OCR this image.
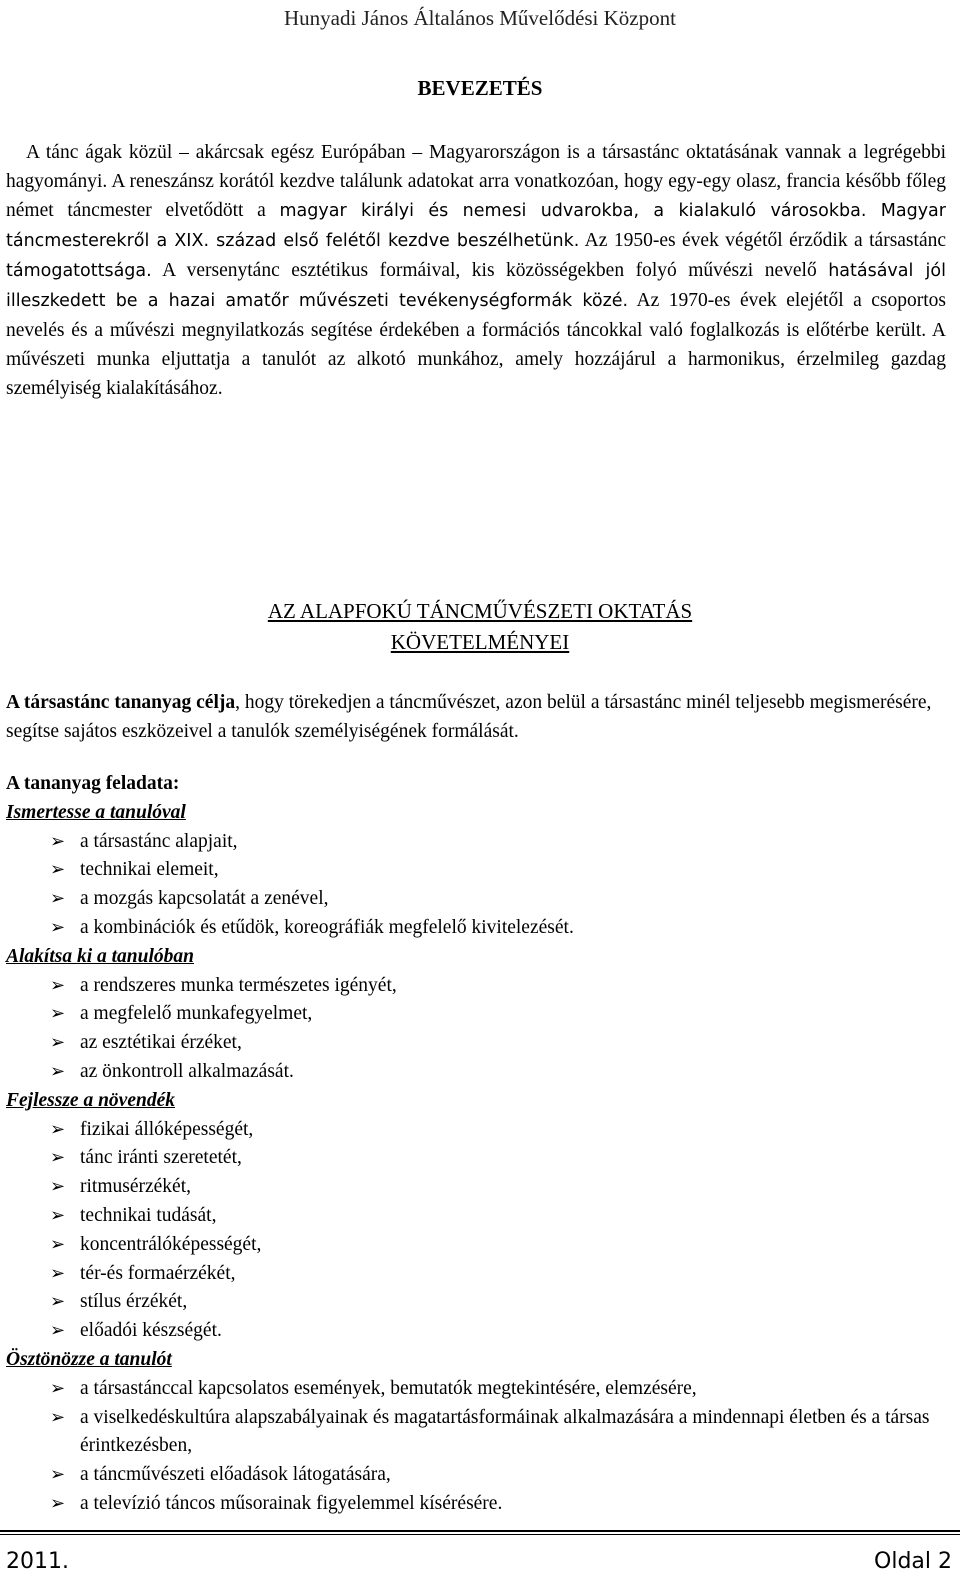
Hunyadi János Általános Művelődési Központ
BEVEZETÉS

A tánc ágak közül – akárcsak egész Európában – Magyarországon is a társastánc oktatásának vannak a legrégebbi hagyományi. A reneszánsz korától kezdve találunk adatokat arra vonatkozóan, hogy egy-egy olasz, francia később főleg német táncmester elvetődött a magyar királyi és nemesi udvarokba, a kialakuló városokba. Magyar táncmesterekről a XIX. század első felétől kezdve beszélhetünk. Az 1950-es évek végétől érződik a társastánc támogatottsága. A versenytánc esztétikus formáival, kis közösségekben folyó művészi nevelő hatásával jól illeszkedett be a hazai amatőr művészeti tevékenységformák közé. Az 1970-es évek elejétől a csoportos nevelés és a művészi megnyilatkozás segítése érdekében a formációs táncokkal való foglalkozás is előtérbe került. A művészeti munka eljuttatja a tanulót az alkotó munkához, amely hozzájárul a harmonikus, érzelmileg gazdag személyiség kialakításához.

AZ ALAPFOKÚ TÁNCMŰVÉSZETI OKTATÁS
KÖVETELMÉNYEI

A társastánc tananyag célja, hogy törekedjen a táncművészet, azon belül a társastánc minél teljesebb megismerésére, segítse sajátos eszközeivel a tanulók személyiségének formálását.

A tananyag feladata:
Ismertesse a tanulóval
➢ a társastánc alapjait,
➢ technikai elemeit,
➢ a mozgás kapcsolatát a zenével,
➢ a kombinációk és etűdök, koreográfiák megfelelő kivitelezését.
Alakítsa ki a tanulóban
➢ a rendszeres munka természetes igényét,
➢ a megfelelő munkafegyelmet,
➢ az esztétikai érzéket,
➢ az önkontroll alkalmazását.
Fejlessze a növendék
➢ fizikai állóképességét,
➢ tánc iránti szeretetét,
➢ ritmusérzékét,
➢ technikai tudását,
➢ koncentrálóképességét,
➢ tér-és formaérzékét,
➢ stílus érzékét,
➢ előadói készségét.
Ösztönözze a tanulót
➢ a társastánccal kapcsolatos események, bemutatók megtekintésére, elemzésére,
➢ a viselkedéskultúra alapszabályainak és magatartásformáinak alkalmazására a mindennapi életben és a társas érintkezésben,
➢ a táncművészeti előadások látogatására,
➢ a televízió táncos műsorainak figyelemmel kísérésére.
2011.	Oldal 2
